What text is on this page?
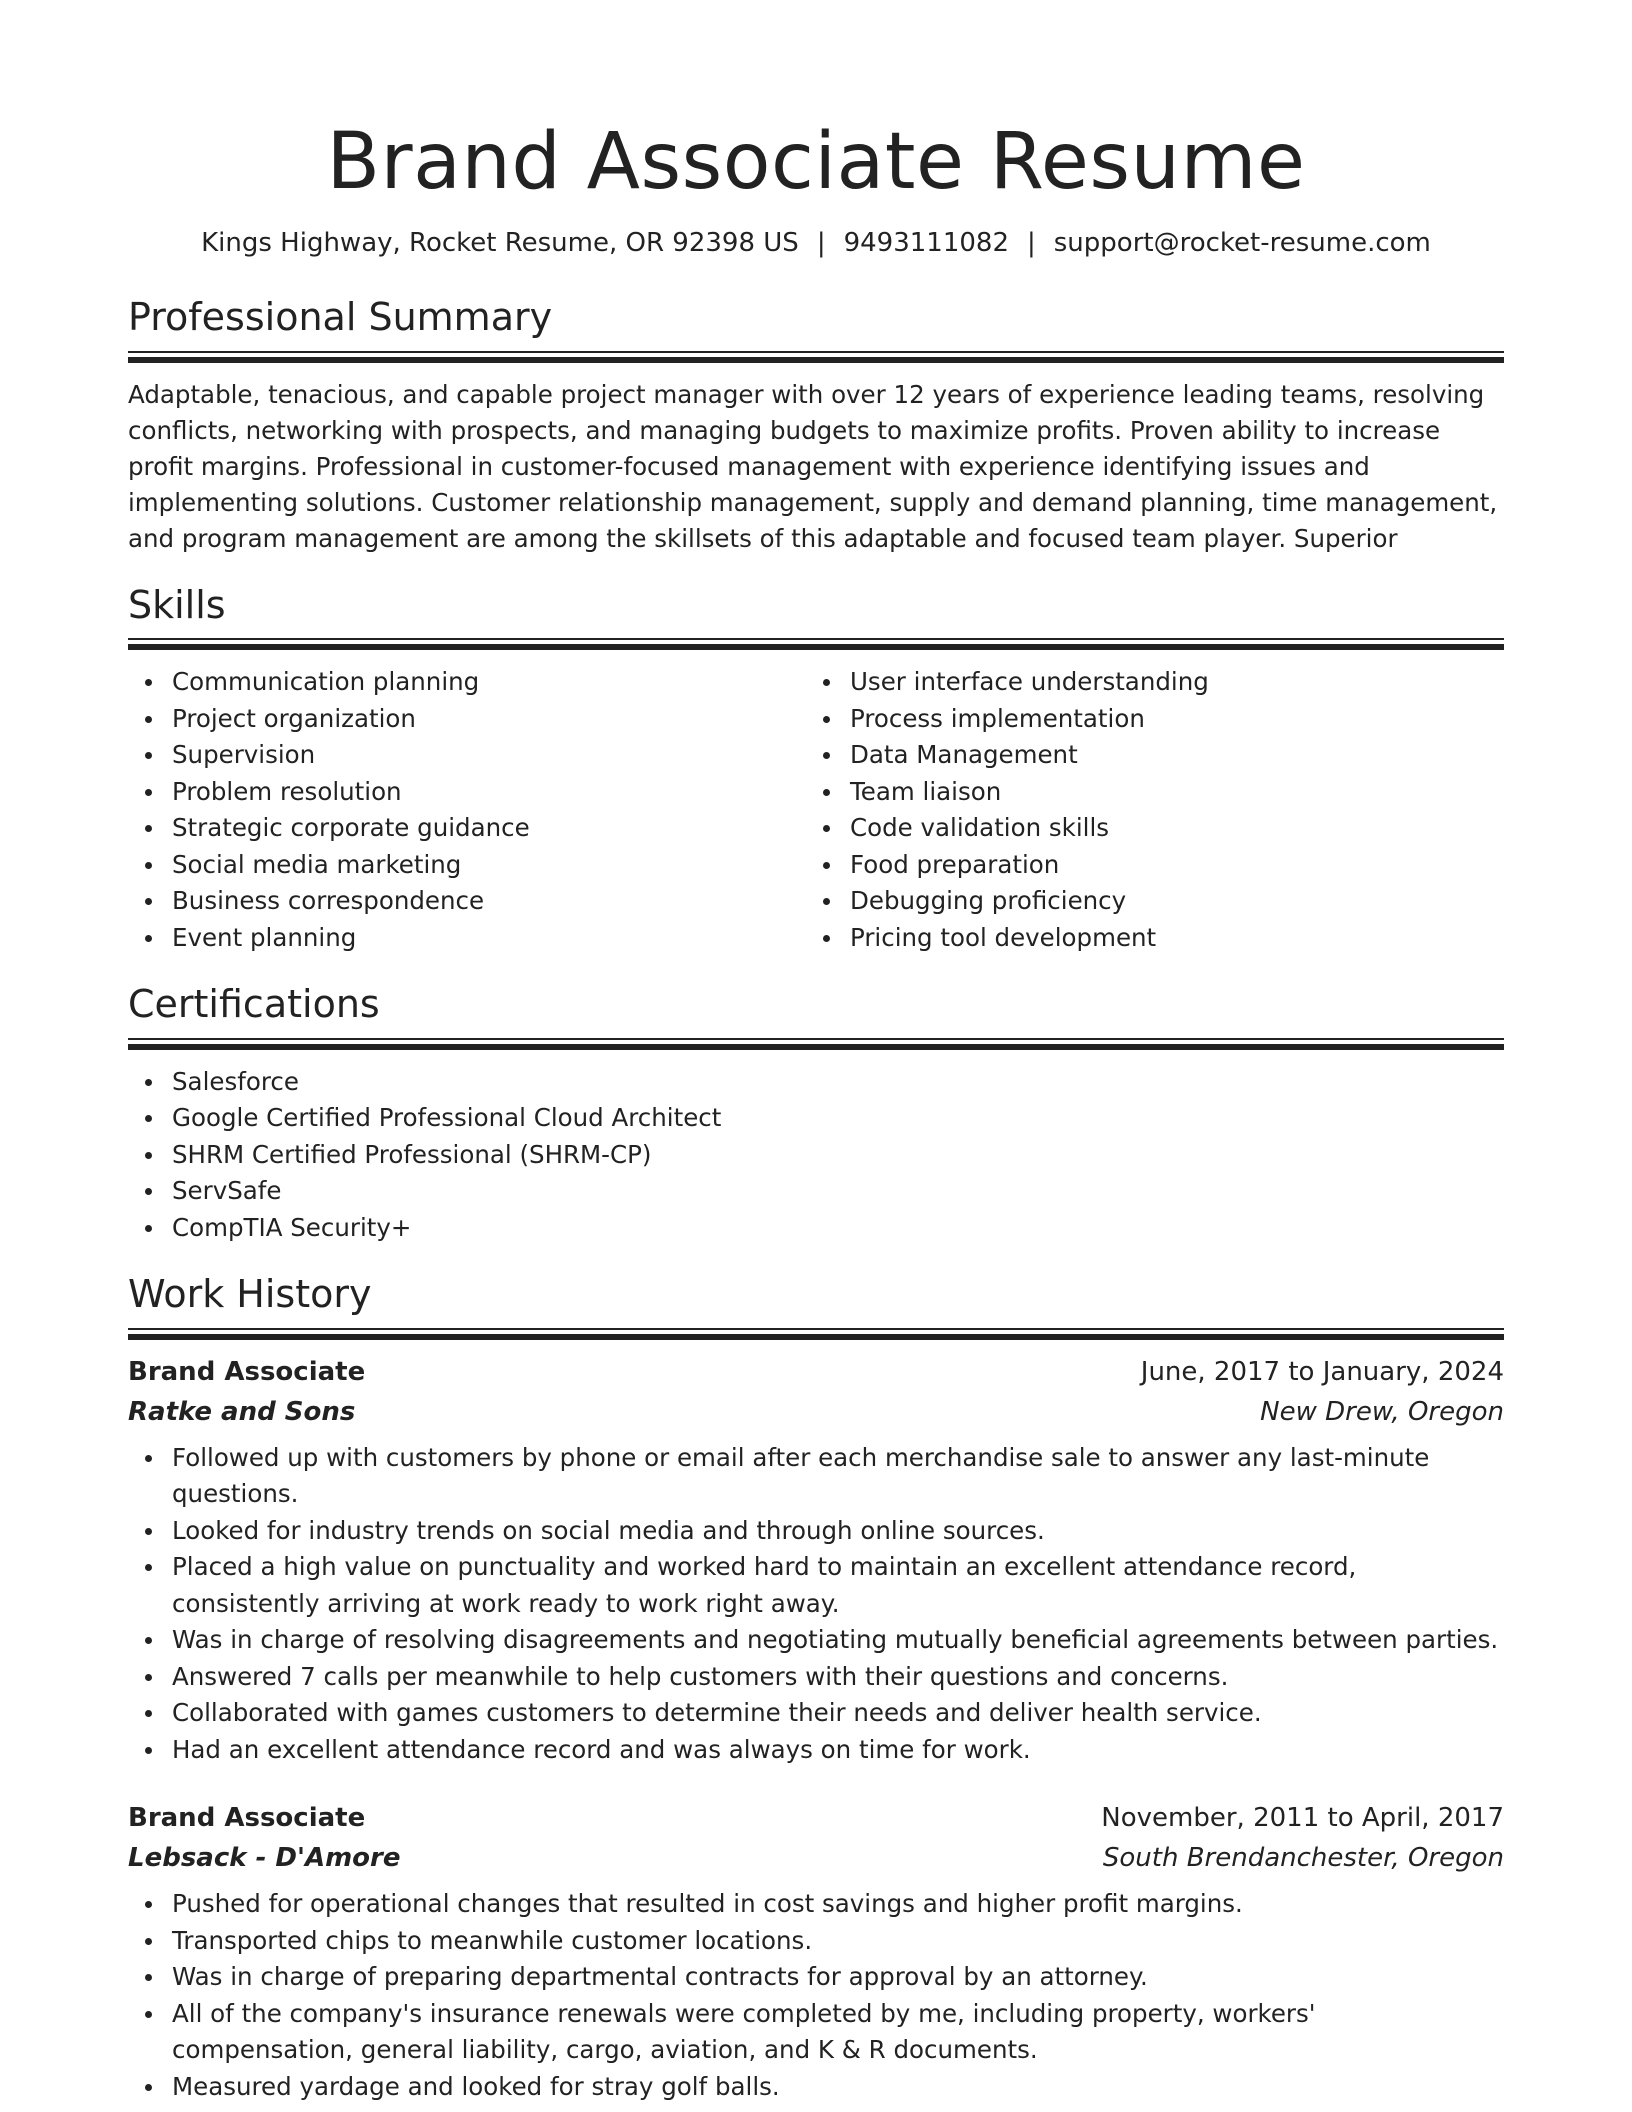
Brand Associate Resume
Kings Highway, Rocket Resume, OR 92398 US | 9493111082 | support@rocket-resume.com
Professional Summary

Adaptable, tenacious, and capable project manager with over 12 years of experience leading teams, resolving conflicts, networking with prospects, and managing budgets to maximize profits. Proven ability to increase profit margins. Professional in customer-focused management with experience identifying issues and implementing solutions. Customer relationship management, supply and demand planning, time management, and program management are among the skillsets of this adaptable and focused team player. Superior

Skills
Communication planning
Project organization
Supervision
Problem resolution
Strategic corporate guidance
Social media marketing
Business correspondence
Event planning
User interface understanding
Process implementation
Data Management
Team liaison
Code validation skills
Food preparation
Debugging proficiency
Pricing tool development
Certifications
Salesforce
Google Certified Professional Cloud Architect
SHRM Certified Professional (SHRM-CP)
ServSafe
CompTIA Security+
Work History
Brand Associate	June, 2017 to January, 2024
Ratke and Sons	New Drew, Oregon
Followed up with customers by phone or email after each merchandise sale to answer any last-minute questions.
Looked for industry trends on social media and through online sources.
Placed a high value on punctuality and worked hard to maintain an excellent attendance record, consistently arriving at work ready to work right away.
Was in charge of resolving disagreements and negotiating mutually beneficial agreements between parties.
Answered 7 calls per meanwhile to help customers with their questions and concerns.
Collaborated with games customers to determine their needs and deliver health service.
Had an excellent attendance record and was always on time for work.
Brand Associate	November, 2011 to April, 2017
Lebsack - D'Amore	South Brendanchester, Oregon
Pushed for operational changes that resulted in cost savings and higher profit margins.
Transported chips to meanwhile customer locations.
Was in charge of preparing departmental contracts for approval by an attorney.
All of the company's insurance renewals were completed by me, including property, workers' compensation, general liability, cargo, aviation, and K & R documents.
Measured yardage and looked for stray golf balls.
